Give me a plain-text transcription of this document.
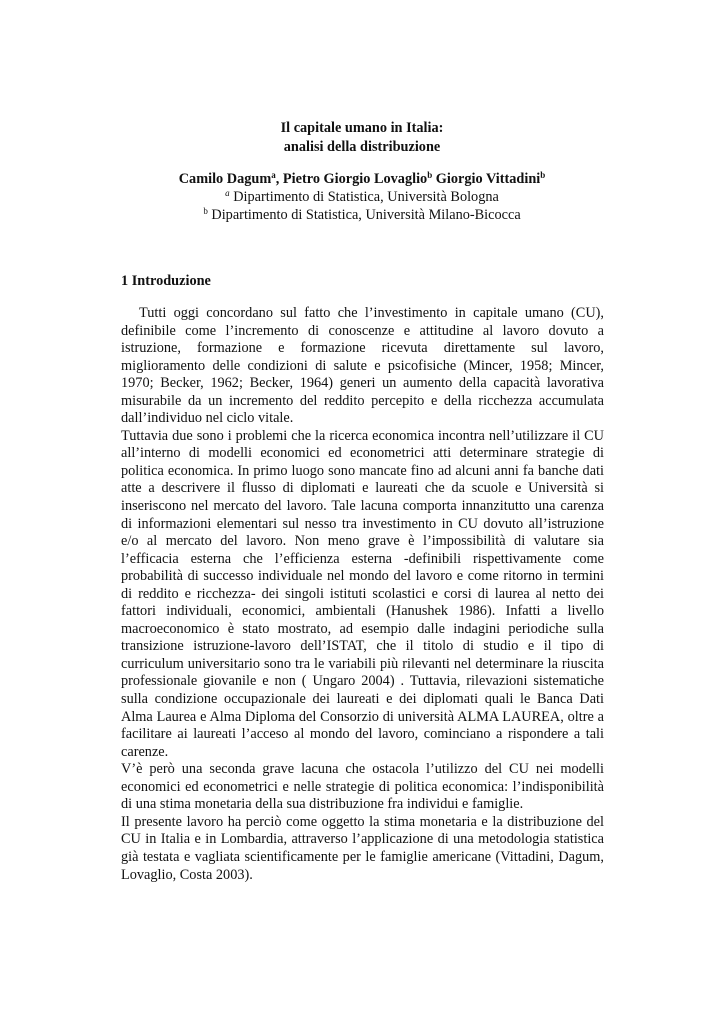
Il capitale umano in Italia:
analisi della distribuzione
Camilo Dagum$^a$, Pietro Giorgio Lovaglio$^b$ Giorgio Vittadini$^b$
$^a$ Dipartimento di Statistica, Università Bologna
$^b$ Dipartimento di Statistica, Università Milano-Bicocca
1 Introduzione

Tutti oggi concordano sul fatto che l’investimento in capitale umano (CU), definibile come l’incremento di conoscenze e attitudine al lavoro dovuto a istruzione, formazione e formazione ricevuta direttamente sul lavoro, miglioramento delle condizioni di salute e psicofisiche (Mincer, 1958; Mincer, 1970; Becker, 1962; Becker, 1964) generi un aumento della capacità lavorativa misurabile da un incremento del reddito percepito e della ricchezza accumulata dall’individuo nel ciclo vitale.

Tuttavia due sono i problemi che la ricerca economica incontra nell’utilizzare il CU all’interno di modelli economici ed econometrici atti determinare strategie di politica economica. In primo luogo sono mancate fino ad alcuni anni fa banche dati atte a descrivere il flusso di diplomati e laureati che da scuole e Università si inseriscono nel mercato del lavoro. Tale lacuna comporta innanzitutto una carenza di informazioni elementari sul nesso tra investimento in CU dovuto all’istruzione e/o al mercato del lavoro. Non meno grave è l’impossibilità di valutare sia l’efficacia esterna che l’efficienza esterna -definibili rispettivamente come probabilità di successo individuale nel mondo del lavoro e come ritorno in termini di reddito e ricchezza- dei singoli istituti scolastici e corsi di laurea al netto dei fattori individuali, economici, ambientali (Hanushek 1986). Infatti a livello macroeconomico è stato mostrato, ad esempio dalle indagini periodiche sulla transizione istruzione-lavoro dell’ISTAT, che il titolo di studio e il tipo di curriculum universitario sono tra le variabili più rilevanti nel determinare la riuscita professionale giovanile e non ( Ungaro 2004) . Tuttavia, rilevazioni sistematiche sulla condizione occupazionale dei laureati e dei diplomati quali le Banca Dati Alma Laurea e Alma Diploma del Consorzio di università ALMA LAUREA, oltre a facilitare ai laureati l’acceso al mondo del lavoro, cominciano a rispondere a tali carenze.

V’è però una seconda grave lacuna che ostacola l’utilizzo del CU nei modelli economici ed econometrici e nelle strategie di politica economica: l’indisponibilità di una stima monetaria della sua distribuzione fra individui e famiglie.

Il presente lavoro ha perciò come oggetto la stima monetaria e la distribuzione del CU in Italia e in Lombardia, attraverso l’applicazione di una metodologia statistica già testata e vagliata scientificamente per le famiglie americane (Vittadini, Dagum, Lovaglio, Costa 2003).
